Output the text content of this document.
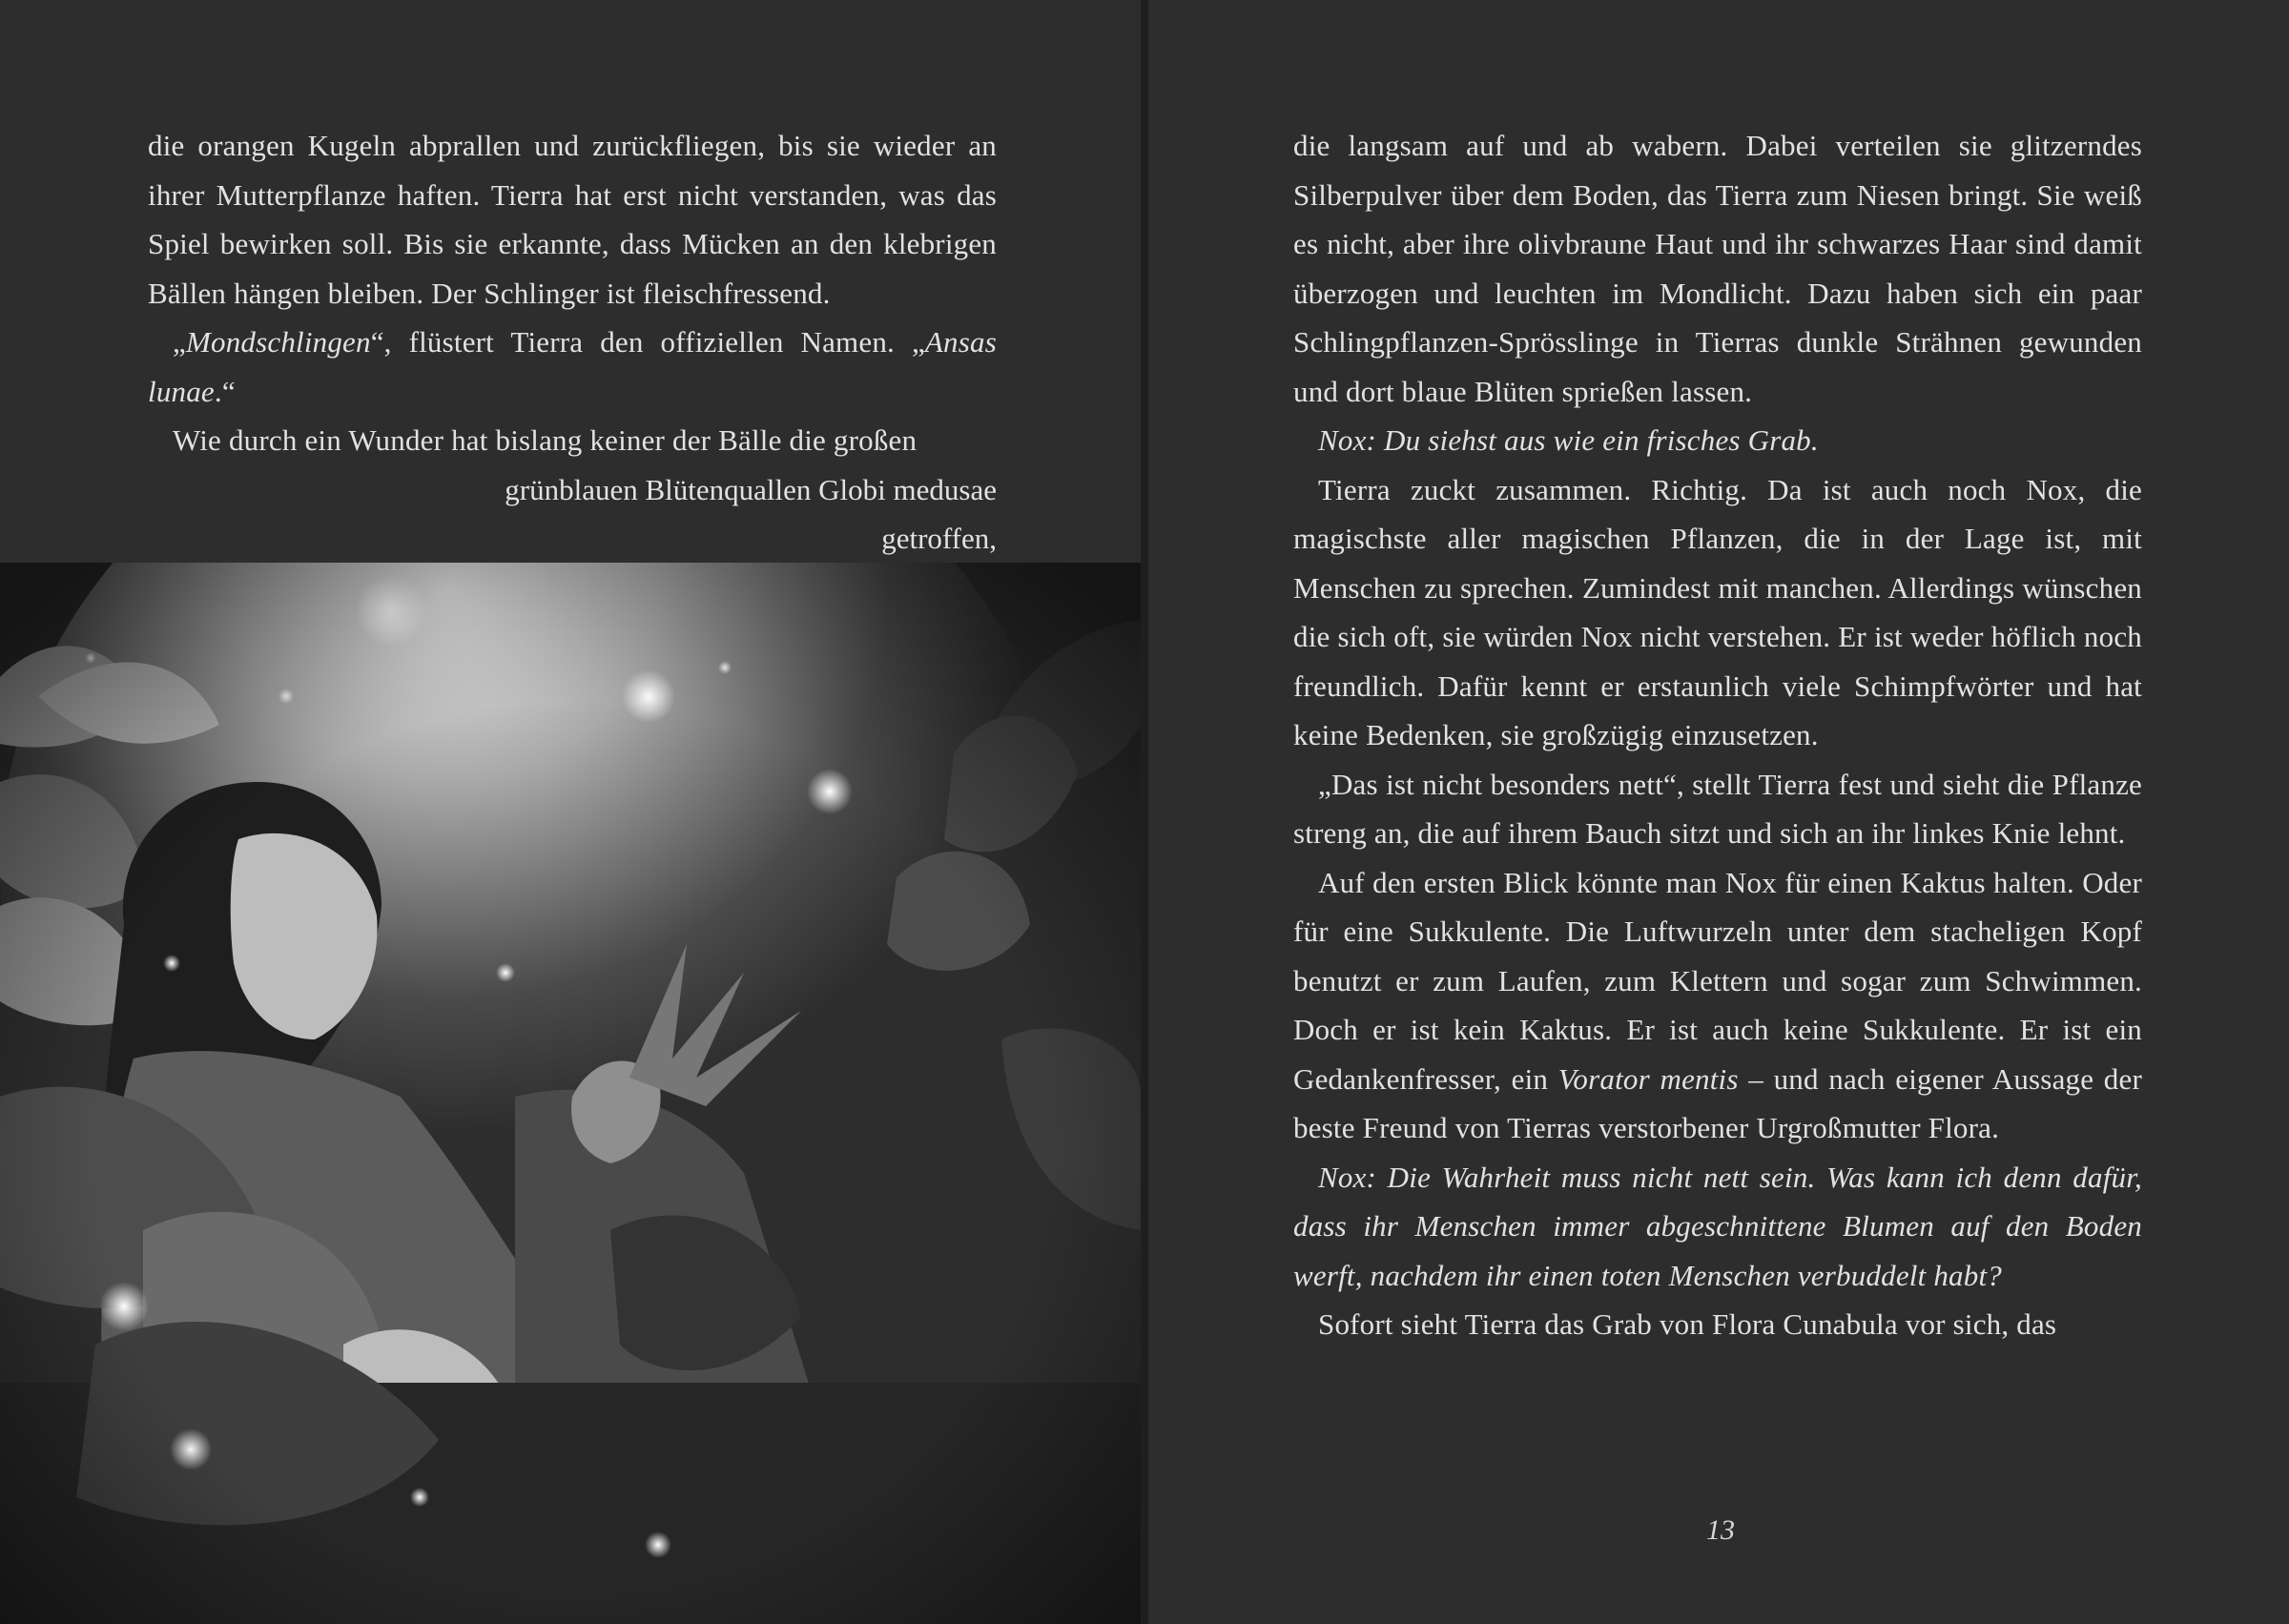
die orangen Kugeln abprallen und zurückfliegen, bis sie wieder an ihrer Mutterpflanze haften. Tierra hat erst nicht verstanden, was das Spiel bewirken soll. Bis sie erkannte, dass Mücken an den klebrigen Bällen hängen bleiben. Der Schlinger ist fleischfressend.

„Mondschlingen“, flüstert Tierra den offiziellen Namen. „Ansas lunae.“

Wie durch ein Wunder hat bislang keiner der Bälle die großen

grünblauen Blütenquallen Globi medusae

getroffen,

die langsam auf und ab wabern. Dabei verteilen sie glitzerndes Silberpulver über dem Boden, das Tierra zum Niesen bringt. Sie weiß es nicht, aber ihre olivbraune Haut und ihr schwarzes Haar sind damit überzogen und leuchten im Mondlicht. Dazu haben sich ein paar Schlingpflanzen-Sprösslinge in Tierras dunkle Strähnen gewunden und dort blaue Blüten sprießen lassen.

Nox: Du siehst aus wie ein frisches Grab.

Tierra zuckt zusammen. Richtig. Da ist auch noch Nox, die magischste aller magischen Pflanzen, die in der Lage ist, mit Menschen zu sprechen. Zumindest mit manchen. Allerdings wünschen die sich oft, sie würden Nox nicht verstehen. Er ist weder höflich noch freundlich. Dafür kennt er erstaunlich viele Schimpfwörter und hat keine Bedenken, sie großzügig einzusetzen.

„Das ist nicht besonders nett“, stellt Tierra fest und sieht die Pflanze streng an, die auf ihrem Bauch sitzt und sich an ihr linkes Knie lehnt.

Auf den ersten Blick könnte man Nox für einen Kaktus halten. Oder für eine Sukkulente. Die Luftwurzeln unter dem stacheligen Kopf benutzt er zum Laufen, zum Klettern und sogar zum Schwimmen. Doch er ist kein Kaktus. Er ist auch keine Sukkulente. Er ist ein Gedankenfresser, ein Vorator mentis – und nach eigener Aussage der beste Freund von Tierras verstorbener Urgroßmutter Flora.

Nox: Die Wahrheit muss nicht nett sein. Was kann ich denn dafür, dass ihr Menschen immer abgeschnittene Blumen auf den Boden werft, nachdem ihr einen toten Menschen verbuddelt habt?

Sofort sieht Tierra das Grab von Flora Cunabula vor sich, das

13
